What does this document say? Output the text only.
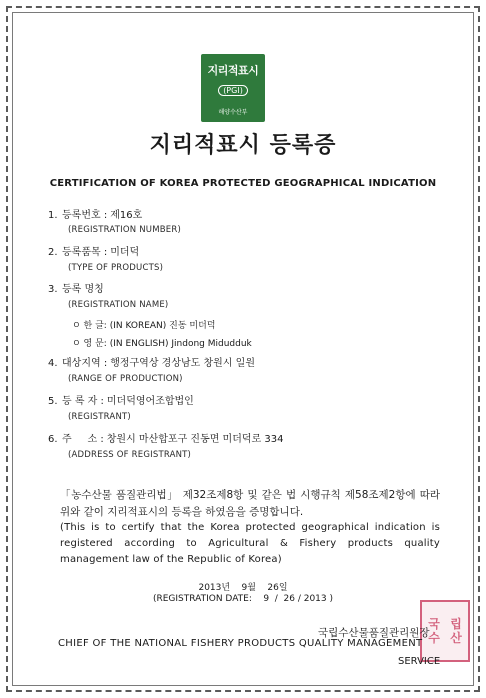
지리적표시
(PGI)
해양수산부
지리적표시 등록증
CERTIFICATION OF KOREA PROTECTED GEOGRAPHICAL INDICATION
1. 등록번호 : 제16호
(REGISTRATION NUMBER)
2. 등록품목 : 미더덕
(TYPE OF PRODUCTS)
3. 등록 명칭
(REGISTRATION NAME)
ㅇ 한 글: (IN KOREAN) 진동 미더덕
ㅇ 영 문: (IN ENGLISH) Jindong Midudduk
4. 대상지역 : 행정구역상 경상남도 창원시 일원
(RANGE OF PRODUCTION)
5. 등 록 자 : 미더덕영어조합법인
(REGISTRANT)
6. 주     소 : 창원시 마산합포구 진동면 미더덕로 334
(ADDRESS OF REGISTRANT)
「농수산물 품질관리법」 제32조제8항 및 같은 법 시행규칙 제58조제2항에 따라 위와 같이 지리적표시의 등록을 하였음을 증명합니다.
(This is to certify that the Korea protected geographical indication is registered according to Agricultural & Fishery products quality management law of the Republic of Korea)
2013년    9월    26일
(REGISTRATION DATE:    9  /  26 / 2013 )
국 립
수 산
국립수산물품질관리원장
CHIEF OF THE NATIONAL FISHERY PRODUCTS QUALITY MANAGEMENT
SERVICE
